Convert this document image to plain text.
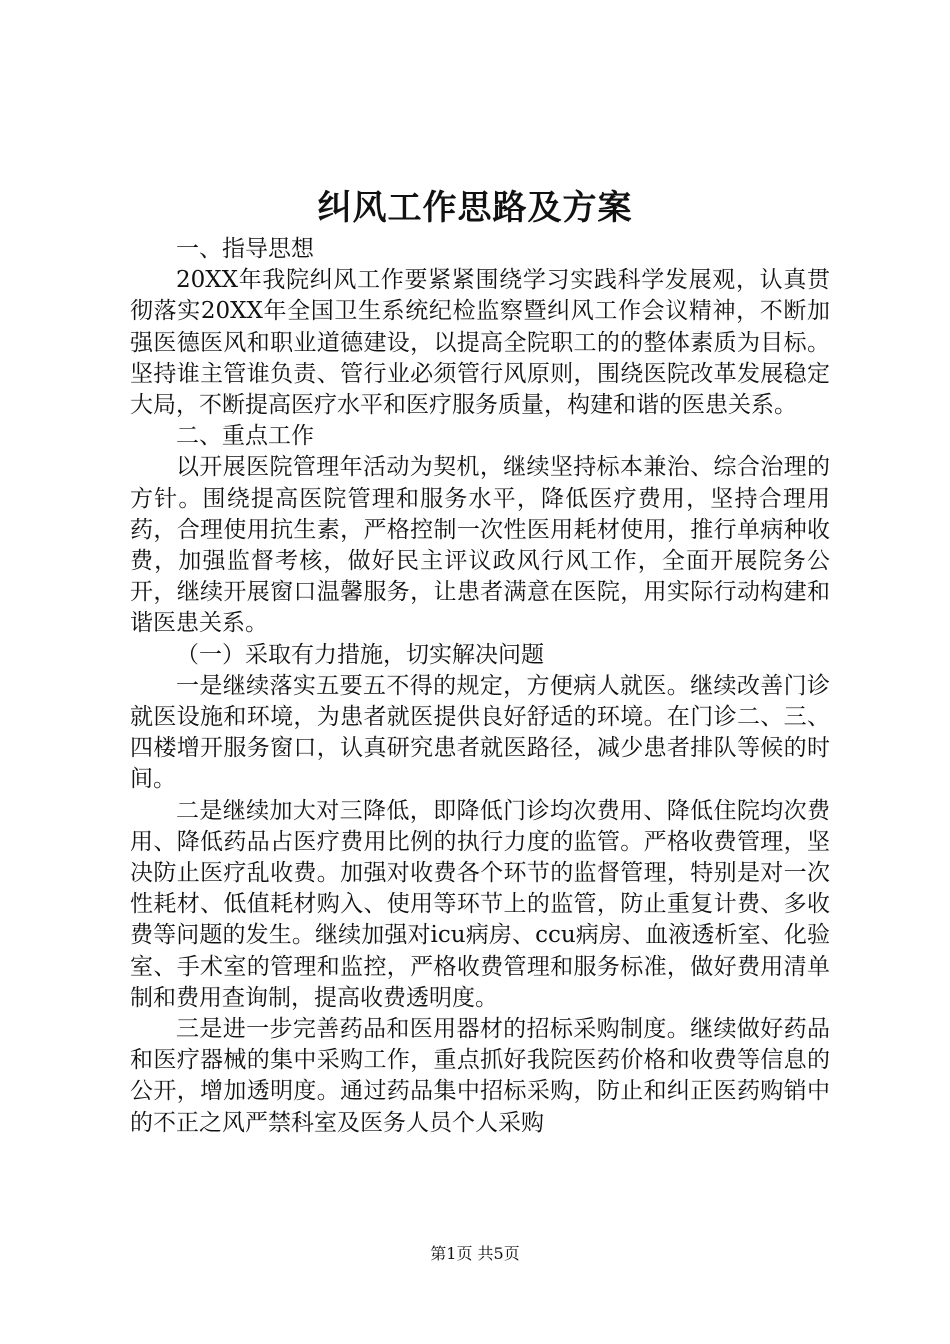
纠风工作思路及方案

一、指导思想

20XX年我院纠风工作要紧紧围绕学习实践科学发展观，认真贯彻落实20XX年全国卫生系统纪检监察暨纠风工作会议精神，不断加强医德医风和职业道德建设，以提高全院职工的的整体素质为目标。坚持谁主管谁负责、管行业必须管行风原则，围绕医院改革发展稳定大局，不断提高医疗水平和医疗服务质量，构建和谐的医患关系。

二、重点工作

以开展医院管理年活动为契机，继续坚持标本兼治、综合治理的方针。围绕提高医院管理和服务水平，降低医疗费用，坚持合理用药，合理使用抗生素，严格控制一次性医用耗材使用，推行单病种收费，加强监督考核，做好民主评议政风行风工作，全面开展院务公开，继续开展窗口温馨服务，让患者满意在医院，用实际行动构建和谐医患关系。

（一）采取有力措施，切实解决问题

一是继续落实五要五不得的规定，方便病人就医。继续改善门诊就医设施和环境，为患者就医提供良好舒适的环境。在门诊二、三、四楼增开服务窗口，认真研究患者就医路径，减少患者排队等候的时间。

二是继续加大对三降低，即降低门诊均次费用、降低住院均次费用、降低药品占医疗费用比例的执行力度的监管。严格收费管理，坚决防止医疗乱收费。加强对收费各个环节的监督管理，特别是对一次性耗材、低值耗材购入、使用等环节上的监管，防止重复计费、多收费等问题的发生。继续加强对icu病房、ccu病房、血液透析室、化验室、手术室的管理和监控，严格收费管理和服务标准，做好费用清单制和费用查询制，提高收费透明度。

三是进一步完善药品和医用器材的招标采购制度。继续做好药品和医疗器械的集中采购工作，重点抓好我院医药价格和收费等信息的公开，增加透明度。通过药品集中招标采购，防止和纠正医药购销中的不正之风严禁科室及医务人员个人采购

第1页 共5页
